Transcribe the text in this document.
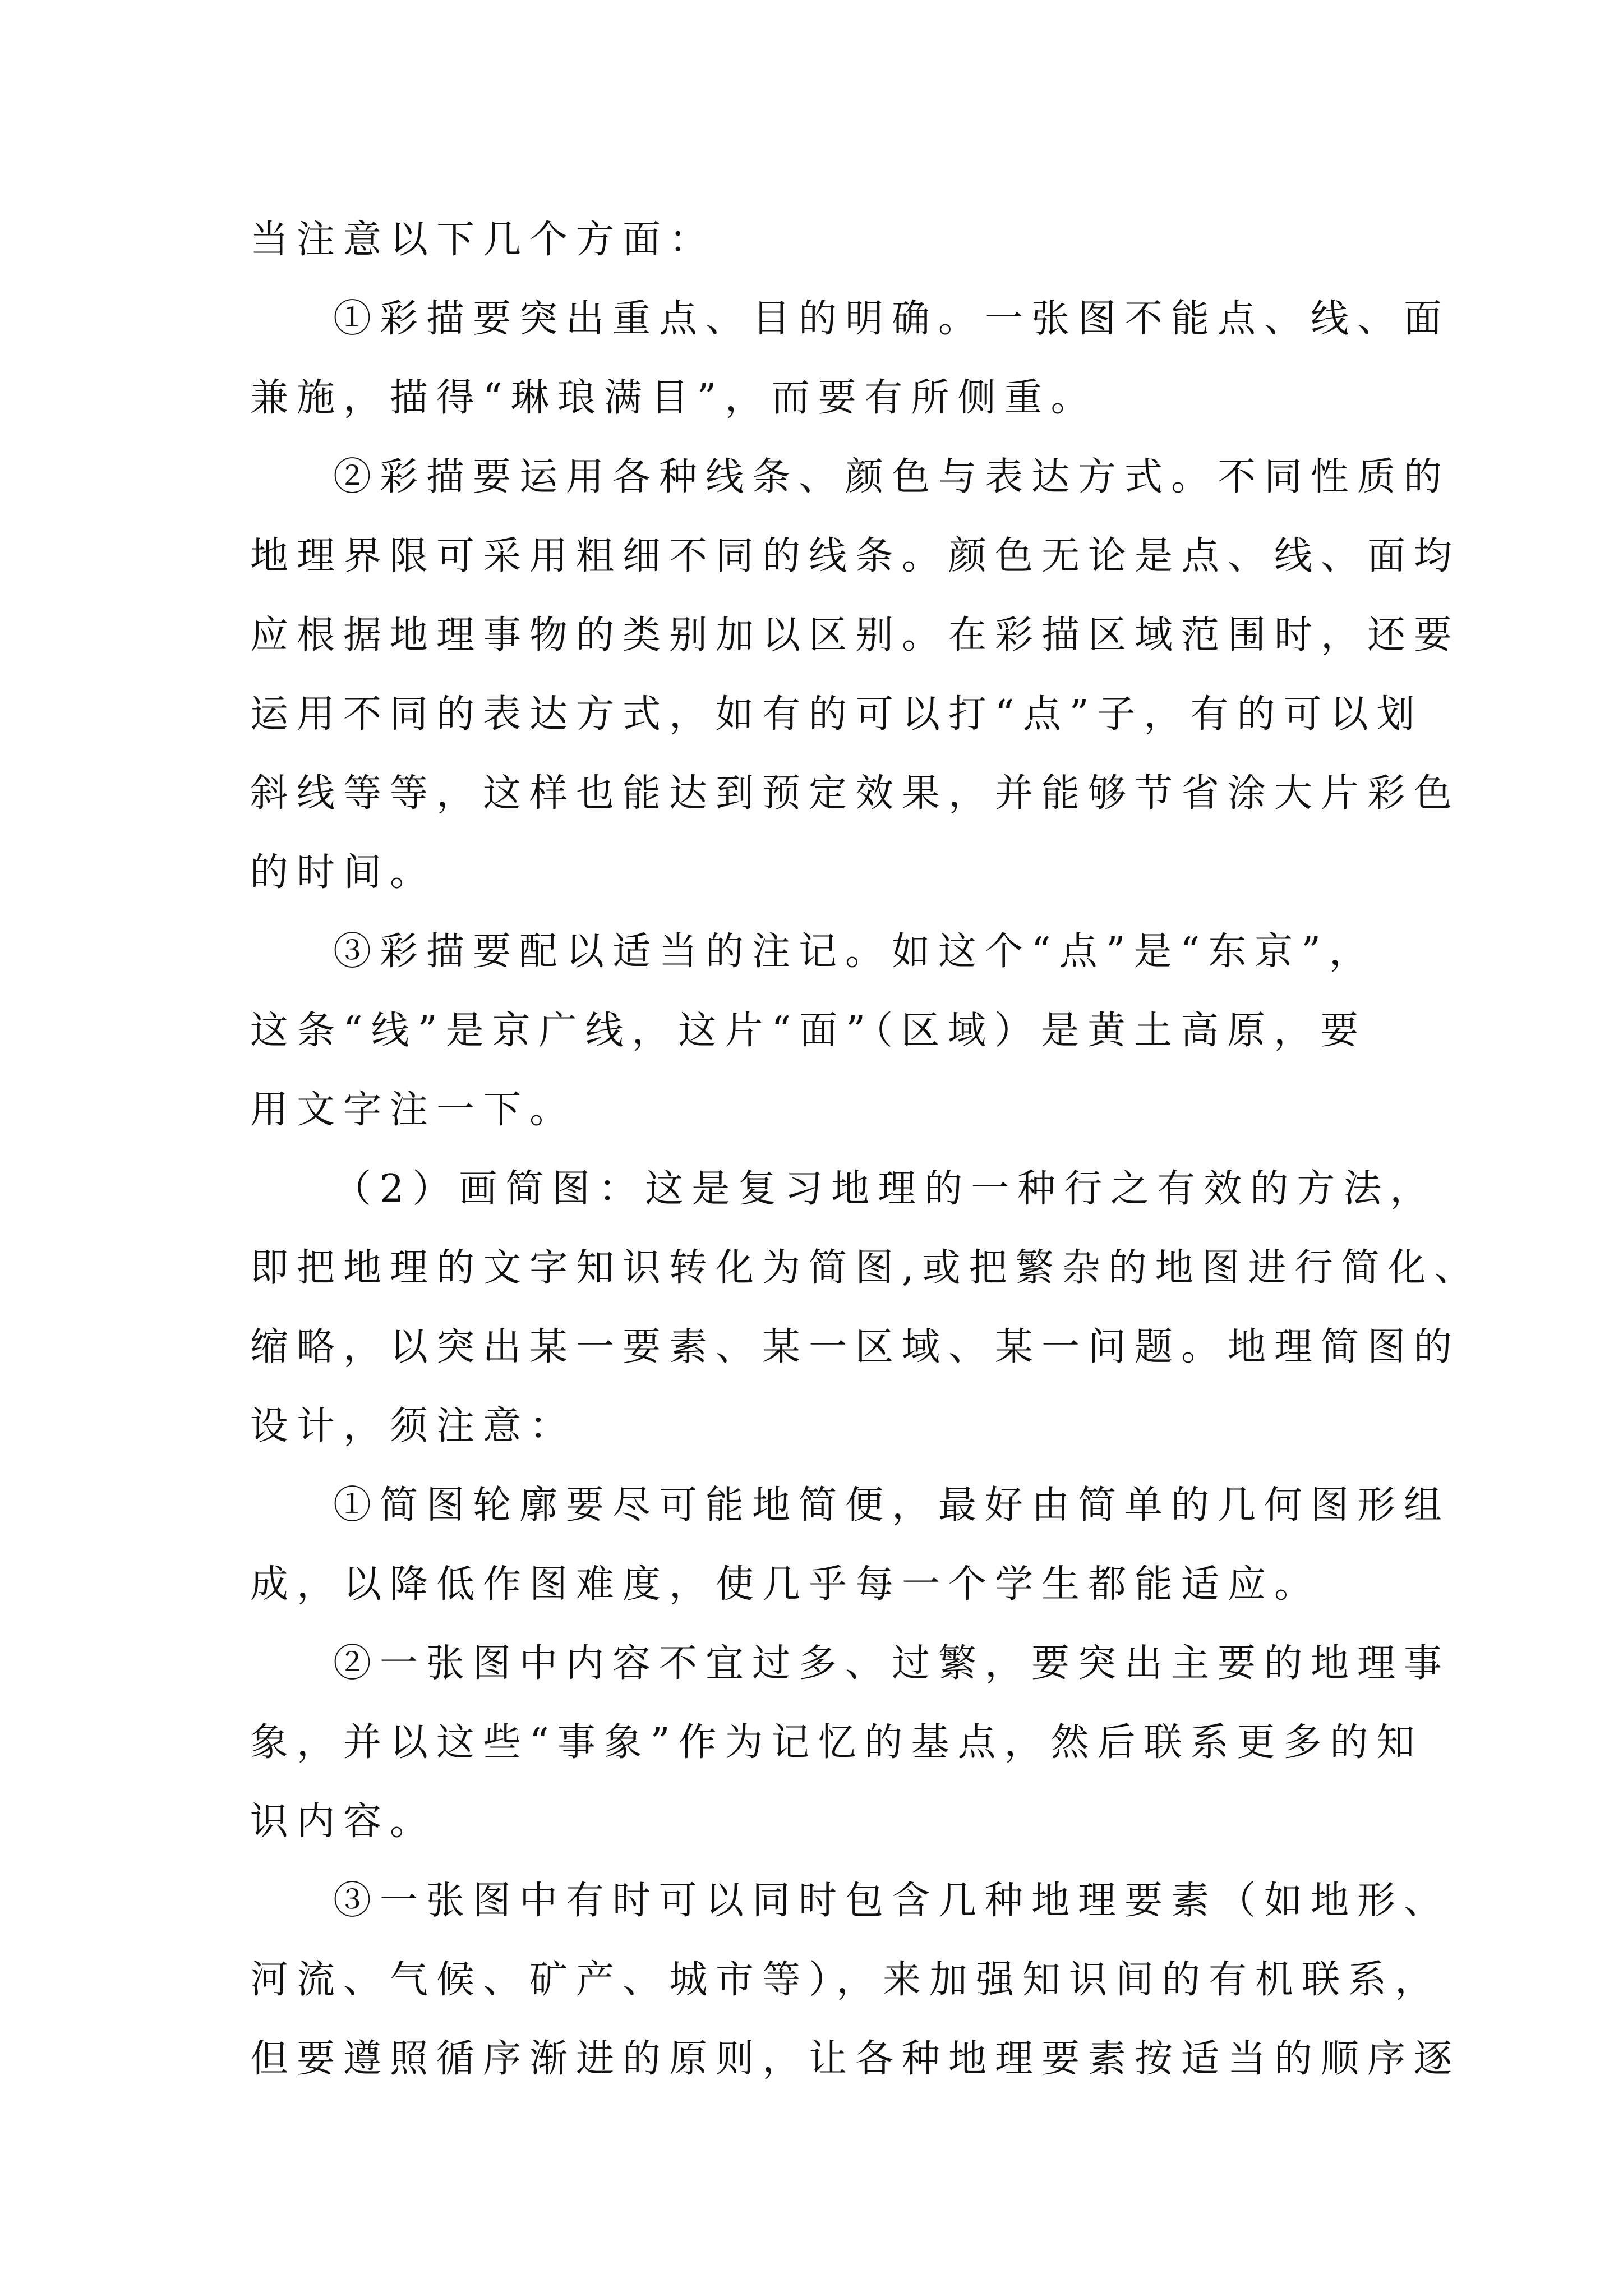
当注意以下几个方面：
①彩描要突出重点、目的明确。一张图不能点、线、面
兼施，描得“琳琅满目”，而要有所侧重。
②彩描要运用各种线条、颜色与表达方式。不同性质的
地理界限可采用粗细不同的线条。颜色无论是点、线、面均
应根据地理事物的类别加以区别。在彩描区域范围时，还要
运用不同的表达方式，如有的可以打“点”子，有的可以划
斜线等等，这样也能达到预定效果，并能够节省涂大片彩色
的时间。
③彩描要配以适当的注记。如这个“点”是“东京”，
这条“线”是京广线，这片“面”（区域）是黄土高原，要
用文字注一下。
（2）画简图：这是复习地理的一种行之有效的方法，
即把地理的文字知识转化为简图,或把繁杂的地图进行简化、
缩略，以突出某一要素、某一区域、某一问题。地理简图的
设计，须注意：
①简图轮廓要尽可能地简便，最好由简单的几何图形组
成，以降低作图难度，使几乎每一个学生都能适应。
②一张图中内容不宜过多、过繁，要突出主要的地理事
象，并以这些“事象”作为记忆的基点，然后联系更多的知
识内容。
③一张图中有时可以同时包含几种地理要素（如地形、
河流、气候、矿产、城市等），来加强知识间的有机联系，
但要遵照循序渐进的原则，让各种地理要素按适当的顺序逐
